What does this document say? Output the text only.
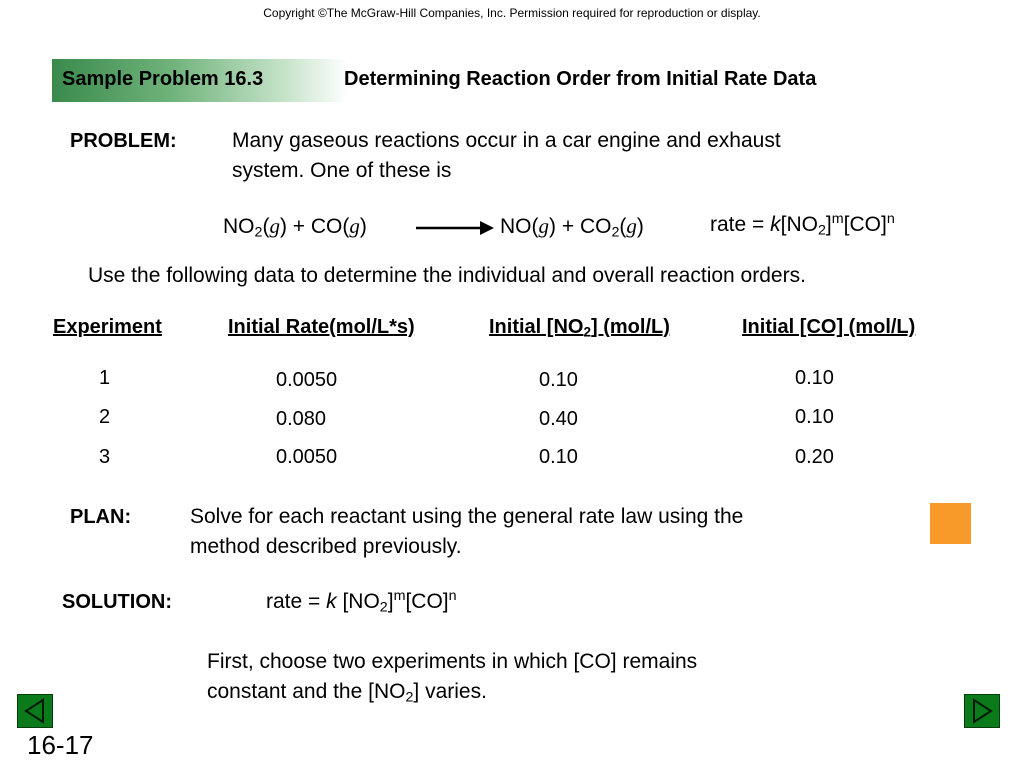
Copyright ©The McGraw-Hill Companies, Inc. Permission required for reproduction or display.
Sample Problem 16.3	Determining Reaction Order from Initial Rate Data
PROBLEM:	Many gaseous reactions occur in a car engine and exhaust
system. One of these is
$NO_2(g) + CO(g)$	$NO(g) + CO_2(g)$	rate = $k[NO_2]^m[CO]^n$
Use the following data to determine the individual and overall reaction orders.
Experiment	Initial Rate(mol/L*s)	Initial $[NO_2]$ (mol/L)	Initial [CO] (mol/L)
1	0.0050	0.10	0.10
2	0.080	0.40	0.10
3	0.0050	0.10	0.20
PLAN:	Solve for each reactant using the general rate law using the
method described previously.
SOLUTION:	rate = k $[NO_2]^m[CO]^n$
First, choose two experiments in which [CO] remains
constant and the $[NO_2]$ varies.
16-17
